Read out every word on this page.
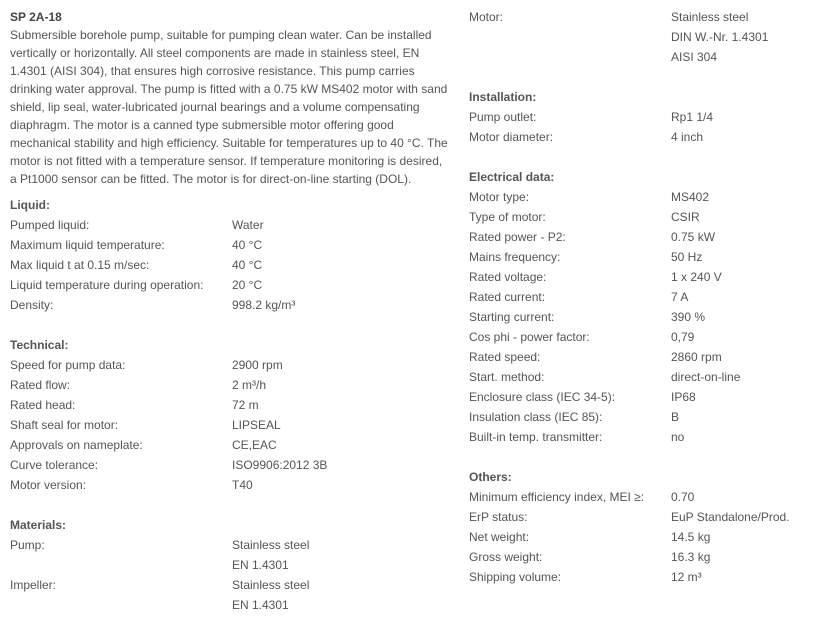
SP 2A-18

Submersible borehole pump, suitable for pumping clean water. Can be installed vertically or horizontally. All steel components are made in stainless steel, EN 1.4301 (AISI 304), that ensures high corrosive resistance. This pump carries drinking water approval. The pump is fitted with a 0.75 kW MS402 motor with sand shield, lip seal, water-lubricated journal bearings and a volume compensating diaphragm. The motor is a canned type submersible motor offering good mechanical stability and high efficiency. Suitable for temperatures up to 40 °C. The motor is not fitted with a temperature sensor. If temperature monitoring is desired, a Pt1000 sensor can be fitted. The motor is for direct-on-line starting (DOL).

Liquid:
Pumped liquid:	Water
Maximum liquid temperature:	40 °C
Max liquid t at 0.15 m/sec:	40 °C
Liquid temperature during operation:	20 °C
Density:	998.2 kg/m³
Technical:
Speed for pump data:	2900 rpm
Rated flow:	2 m³/h
Rated head:	72 m
Shaft seal for motor:	LIPSEAL
Approvals on nameplate:	CE,EAC
Curve tolerance:	ISO9906:2012 3B
Motor version:	T40
Materials:
Pump:	Stainless steel
EN 1.4301
Impeller:	Stainless steel
EN 1.4301
Motor:	Stainless steel
DIN W.-Nr. 1.4301
AISI 304
Installation:
Pump outlet:	Rp1 1/4
Motor diameter:	4 inch
Electrical data:
Motor type:	MS402
Type of motor:	CSIR
Rated power - P2:	0.75 kW
Mains frequency:	50 Hz
Rated voltage:	1 x 240 V
Rated current:	7 A
Starting current:	390 %
Cos phi - power factor:	0,79
Rated speed:	2860 rpm
Start. method:	direct-on-line
Enclosure class (IEC 34-5):	IP68
Insulation class (IEC 85):	B
Built-in temp. transmitter:	no
Others:
Minimum efficiency index, MEI ≥:	0.70
ErP status:	EuP Standalone/Prod.
Net weight:	14.5 kg
Gross weight:	16.3 kg
Shipping volume:	12 m³
